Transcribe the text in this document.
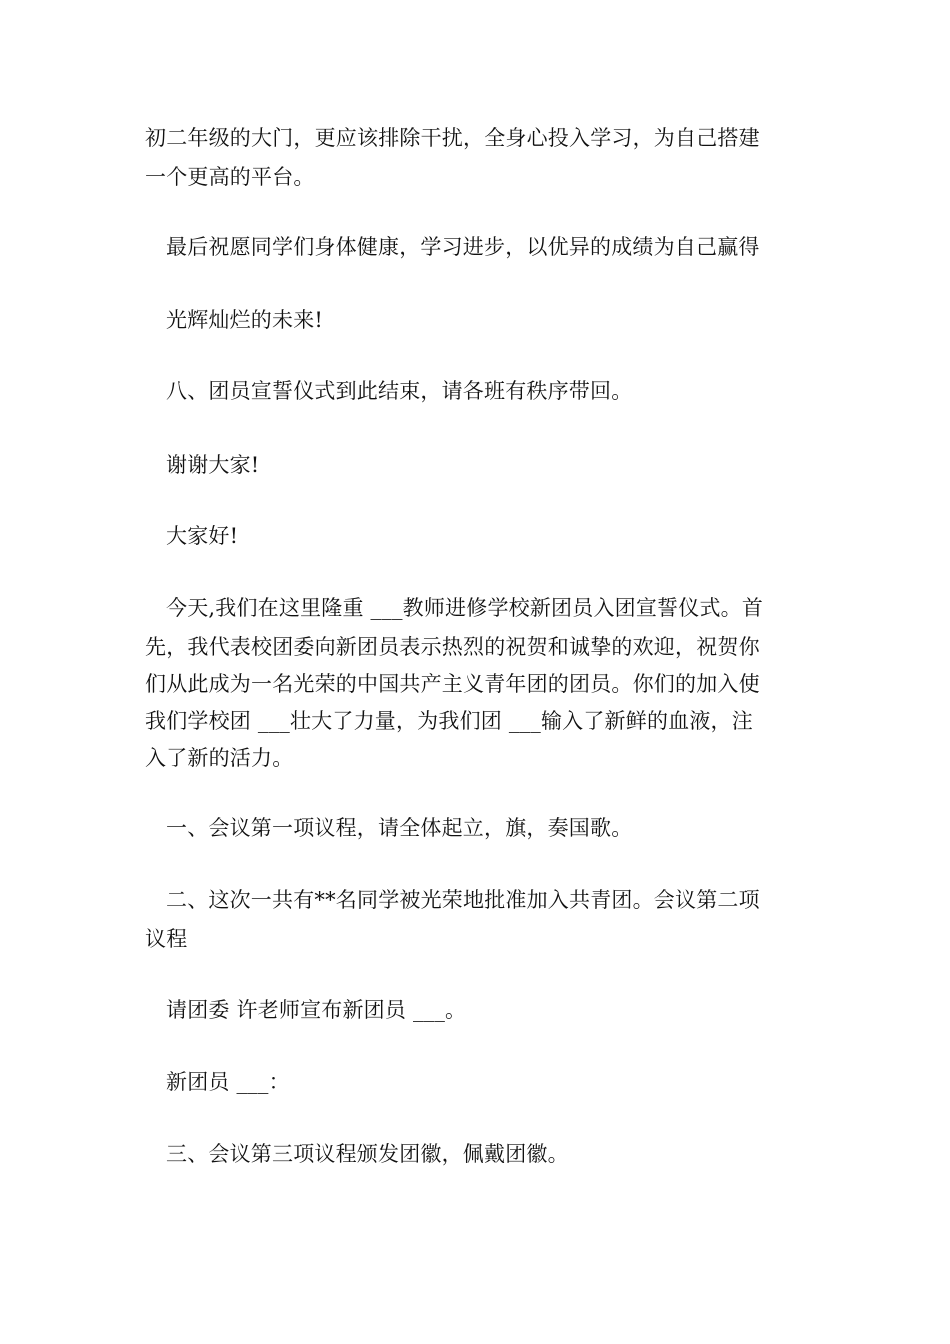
初二年级的大门，更应该排除干扰，全身心投入学习，为自己搭建
一个更高的平台。
最后祝愿同学们身体健康，学习进步，以优异的成绩为自己赢得
光辉灿烂的未来!
八、团员宣誓仪式到此结束，请各班有秩序带回。
谢谢大家!
大家好!
今天,我们在这里隆重 ___教师进修学校新团员入团宣誓仪式。首
先，我代表校团委向新团员表示热烈的祝贺和诚挚的欢迎，祝贺你
们从此成为一名光荣的中国共产主义青年团的团员。你们的加入使
我们学校团 ___壮大了力量，为我们团 ___输入了新鲜的血液，注
入了新的活力。
一、会议第一项议程，请全体起立，旗，奏国歌。
二、这次一共有**名同学被光荣地批准加入共青团。会议第二项
议程
请团委 许老师宣布新团员 ___。
新团员 ___：
三、会议第三项议程颁发团徽，佩戴团徽。
